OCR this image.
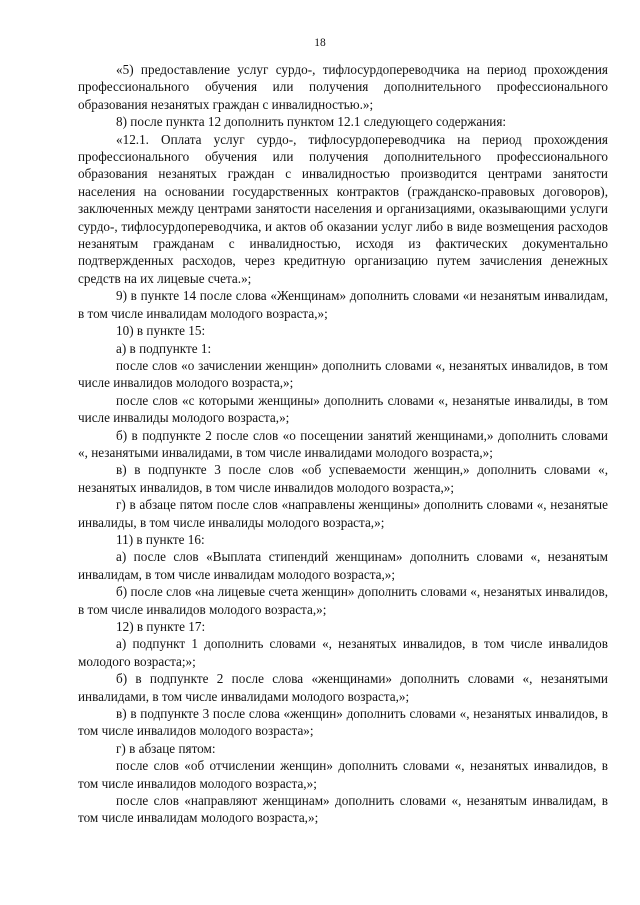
18

«5) предоставление услуг сурдо-, тифлосурдопереводчика на период прохождения профессионального обучения или получения дополнительного профессионального образования незанятых граждан с инвалидностью.»;

8) после пункта 12 дополнить пунктом 12.1 следующего содержания:

«12.1. Оплата услуг сурдо-, тифлосурдопереводчика на период прохождения профессионального обучения или получения дополнительного профессионального образования незанятых граждан с инвалидностью производится центрами занятости населения на основании государственных контрактов (гражданско-правовых договоров), заключенных между центрами занятости населения и организациями, оказывающими услуги сурдо-, тифлосурдопереводчика, и актов об оказании услуг либо в виде возмещения расходов незанятым гражданам с инвалидностью, исходя из фактических документально подтвержденных расходов, через кредитную организацию путем зачисления денежных средств на их лицевые счета.»;

9) в пункте 14 после слова «Женщинам» дополнить словами «и незанятым инвалидам, в том числе инвалидам молодого возраста,»;

10) в пункте 15:

а) в подпункте 1:

после слов «о зачислении женщин» дополнить словами «, незанятых инвалидов, в том числе инвалидов молодого возраста,»;

после слов «с которыми женщины» дополнить словами «, незанятые инвалиды, в том числе инвалиды молодого возраста,»;

б) в подпункте 2 после слов «о посещении занятий женщинами,» дополнить словами «, незанятыми инвалидами, в том числе инвалидами молодого возраста,»;

в) в подпункте 3 после слов «об успеваемости женщин,» дополнить словами «, незанятых инвалидов, в том числе инвалидов молодого возраста,»;

г) в абзаце пятом после слов «направлены женщины» дополнить словами «, незанятые инвалиды, в том числе инвалиды молодого возраста,»;

11) в пункте 16:

а) после слов «Выплата стипендий женщинам» дополнить словами «, незанятым инвалидам, в том числе инвалидам молодого возраста,»;

б) после слов «на лицевые счета женщин» дополнить словами «, незанятых инвалидов, в том числе инвалидов молодого возраста,»;

12) в пункте 17:

а) подпункт 1 дополнить словами «, незанятых инвалидов, в том числе инвалидов молодого возраста;»;

б) в подпункте 2 после слова «женщинами» дополнить словами «, незанятыми инвалидами, в том числе инвалидами молодого возраста,»;

в) в подпункте 3 после слова «женщин» дополнить словами «, незанятых инвалидов, в том числе инвалидов молодого возраста»;

г) в абзаце пятом:

после слов «об отчислении женщин» дополнить словами «, незанятых инвалидов, в том числе инвалидов молодого возраста,»;

после слов «направляют женщинам» дополнить словами «, незанятым инвалидам, в том числе инвалидам молодого возраста,»;
